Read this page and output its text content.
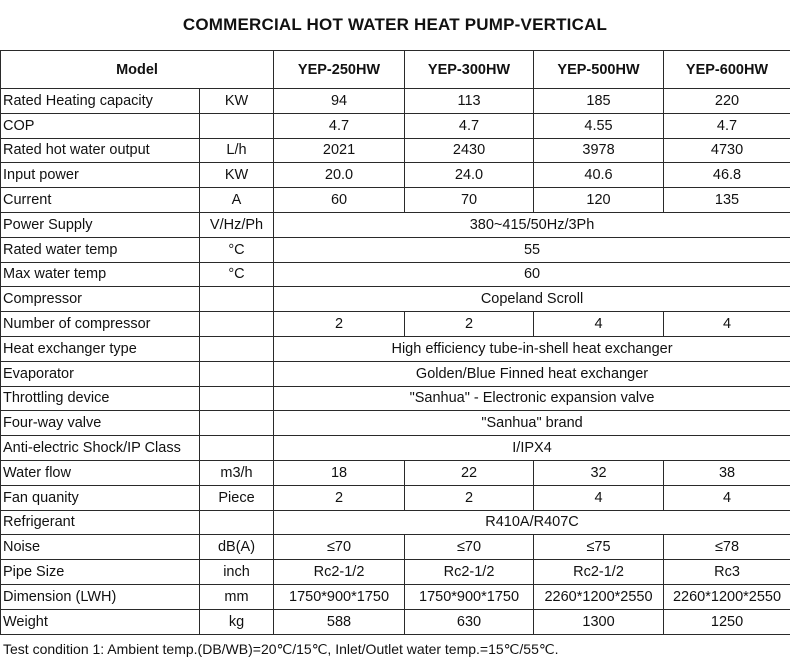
COMMERCIAL HOT WATER HEAT PUMP-VERTICAL
Model		YEP-250HW	YEP-300HW	YEP-500HW	YEP-600HW
Rated Heating capacity	KW	94	113	185	220
COP		4.7	4.7	4.55	4.7
Rated hot water output	L/h	2021	2430	3978	4730
Input power	KW	20.0	24.0	40.6	46.8
Current	A	60	70	120	135
Power Supply	V/Hz/Ph	380~415/50Hz/3Ph			
Rated water temp	°C	55			
Max water temp	°C	60			
Compressor		Copeland Scroll			
Number of compressor		2	2	4	4
Heat exchanger type		High efficiency tube-in-shell heat exchanger			
Evaporator		Golden/Blue Finned heat exchanger			
Throttling device		"Sanhua" - Electronic expansion valve			
Four-way valve		"Sanhua" brand			
Anti-electric Shock/IP Class		I/IPX4			
Water flow	m3/h	18	22	32	38
Fan quanity	Piece	2	2	4	4
Refrigerant		R410A/R407C			
Noise	dB(A)	≤70	≤70	≤75	≤78
Pipe Size	inch	Rc2-1/2	Rc2-1/2	Rc2-1/2	Rc3
Dimension (LWH)	mm	1750*900*1750	1750*900*1750	2260*1200*2550	2260*1200*2550
Weight	kg	588	630	1300	1250
Test condition 1: Ambient temp.(DB/WB)=20℃/15℃, Inlet/Outlet water temp.=15℃/55℃.
